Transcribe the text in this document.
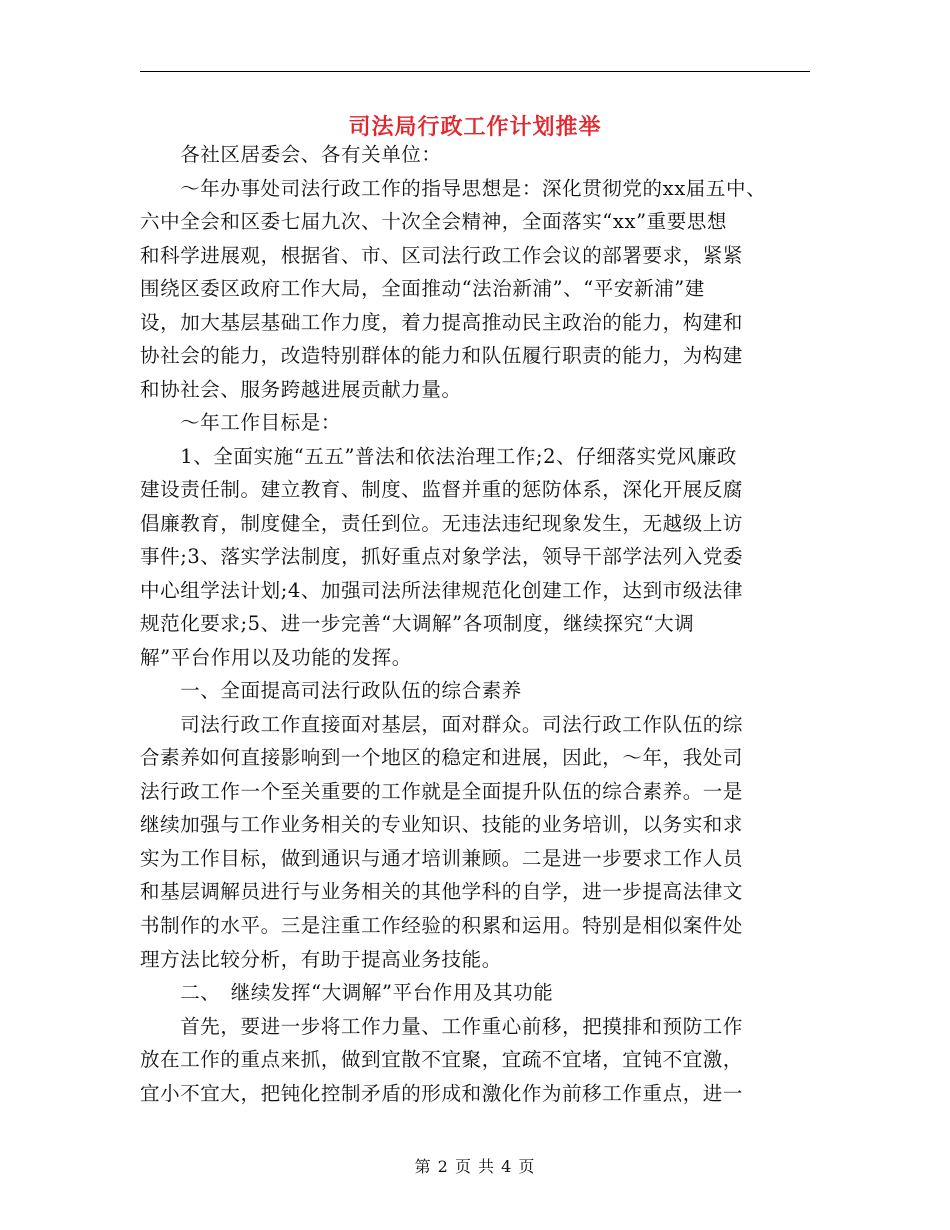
司法局行政工作计划推举
　　各社区居委会、各有关单位：
　　～年办事处司法行政工作的指导思想是：深化贯彻党的xx届五中、
六中全会和区委七届九次、十次全会精神，全面落实“xx”重要思想
和科学进展观，根据省、市、区司法行政工作会议的部署要求，紧紧
围绕区委区政府工作大局，全面推动“法治新浦”、“平安新浦”建
设，加大基层基础工作力度，着力提高推动民主政治的能力，构建和
协社会的能力，改造特别群体的能力和队伍履行职责的能力，为构建
和协社会、服务跨越进展贡献力量。
　　～年工作目标是：
　　1、全面实施“五五”普法和依法治理工作;2、仔细落实党风廉政
建设责任制。建立教育、制度、监督并重的惩防体系，深化开展反腐
倡廉教育，制度健全，责任到位。无违法违纪现象发生，无越级上访
事件;3、落实学法制度，抓好重点对象学法，领导干部学法列入党委
中心组学法计划;4、加强司法所法律规范化创建工作，达到市级法律
规范化要求;5、进一步完善“大调解”各项制度，继续探究“大调
解”平台作用以及功能的发挥。
　　一、全面提高司法行政队伍的综合素养
　　司法行政工作直接面对基层，面对群众。司法行政工作队伍的综
合素养如何直接影响到一个地区的稳定和进展，因此，～年，我处司
法行政工作一个至关重要的工作就是全面提升队伍的综合素养。一是
继续加强与工作业务相关的专业知识、技能的业务培训，以务实和求
实为工作目标，做到通识与通才培训兼顾。二是进一步要求工作人员
和基层调解员进行与业务相关的其他学科的自学，进一步提高法律文
书制作的水平。三是注重工作经验的积累和运用。特别是相似案件处
理方法比较分析，有助于提高业务技能。
　　二、　继续发挥“大调解”平台作用及其功能
　　首先，要进一步将工作力量、工作重心前移，把摸排和预防工作
放在工作的重点来抓，做到宜散不宜聚，宜疏不宜堵，宜钝不宜激，
宜小不宜大，把钝化控制矛盾的形成和激化作为前移工作重点，进一
第 2 页 共 4 页
